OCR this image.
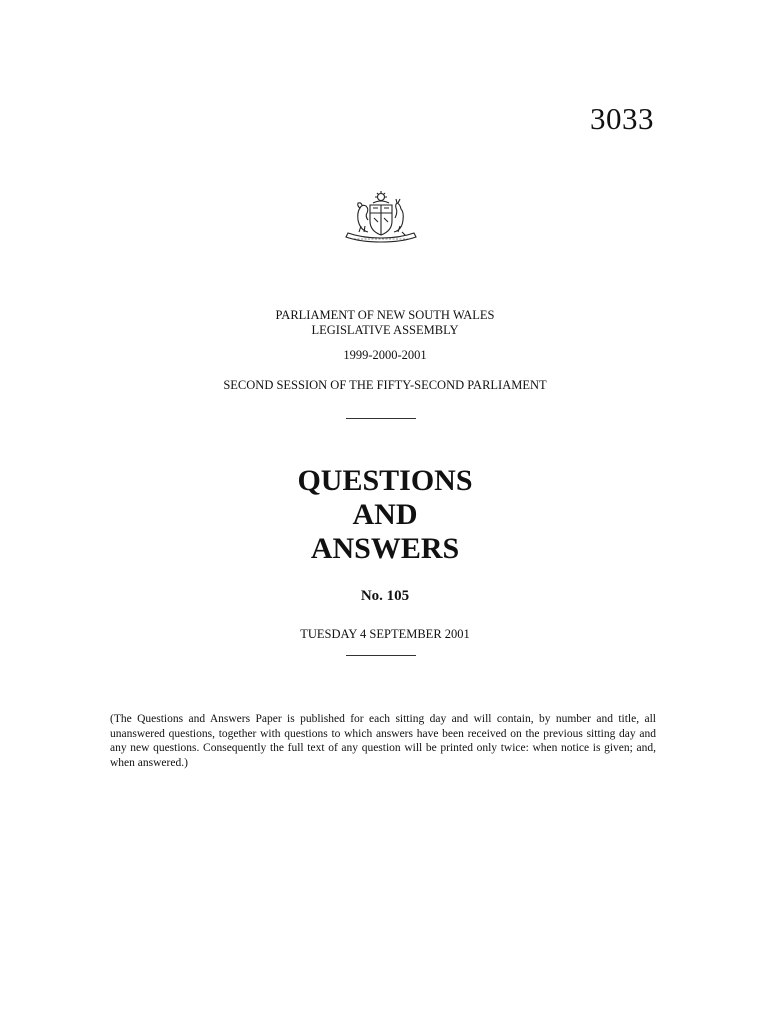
3033
PARLIAMENT OF NEW SOUTH WALES
LEGISLATIVE ASSEMBLY
1999-2000-2001
SECOND SESSION OF THE FIFTY-SECOND PARLIAMENT
QUESTIONS
AND
ANSWERS
No. 105
TUESDAY 4 SEPTEMBER 2001
(The Questions and Answers Paper is published for each sitting day and will contain, by number and title, all unanswered questions, together with questions to which answers have been received on the previous sitting day and any new questions. Consequently the full text of any question will be printed only twice: when notice is given; and, when answered.)
